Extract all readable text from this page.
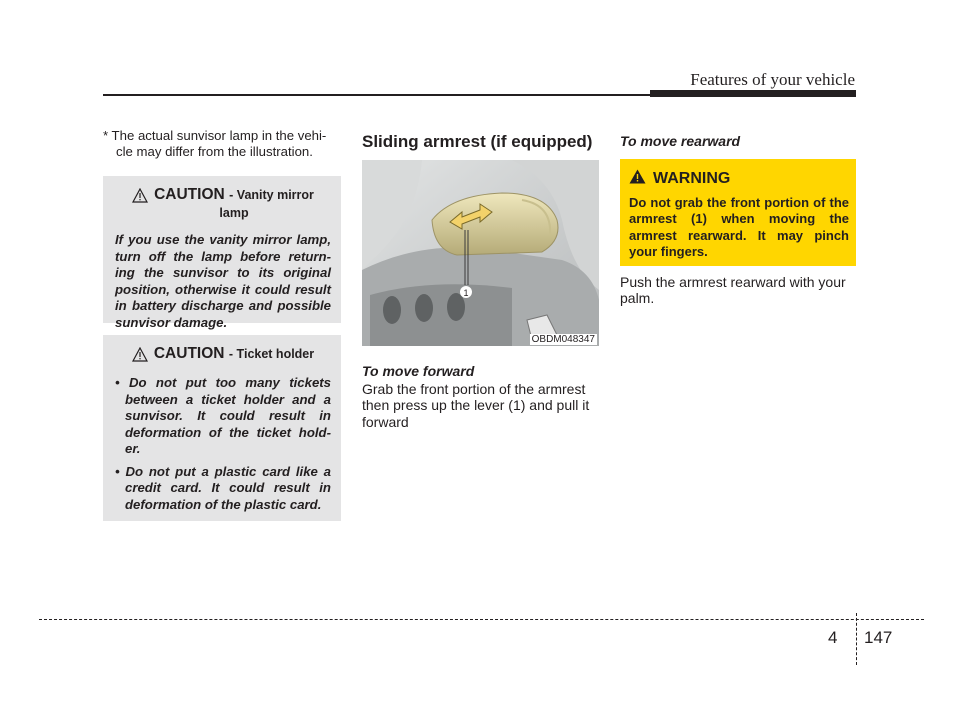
Features of your vehicle
* The actual sunvisor lamp in the vehi-
cle may differ from the illustration.
CAUTION - Vanity mirror
lamp
If you use the vanity mirror lamp, turn off the lamp before return- ing the sunvisor to its original position, otherwise it could result in battery discharge and possible sunvisor damage.
CAUTION - Ticket holder
• Do not put too many tickets between a ticket holder and a sunvisor. It could result in deformation of the ticket hold- er.
• Do not put a plastic card like a credit card. It could result in deformation of the plastic card.
Sliding armrest (if equipped)
1
OBDM048347
To move forward
Grab the front portion of the armrest then press up the lever (1) and pull it forward
To move rearward
WARNING
Do not grab the front portion of the armrest (1) when moving the armrest rearward. It may pinch your fingers.
Push the armrest rearward with your palm.
4 147
